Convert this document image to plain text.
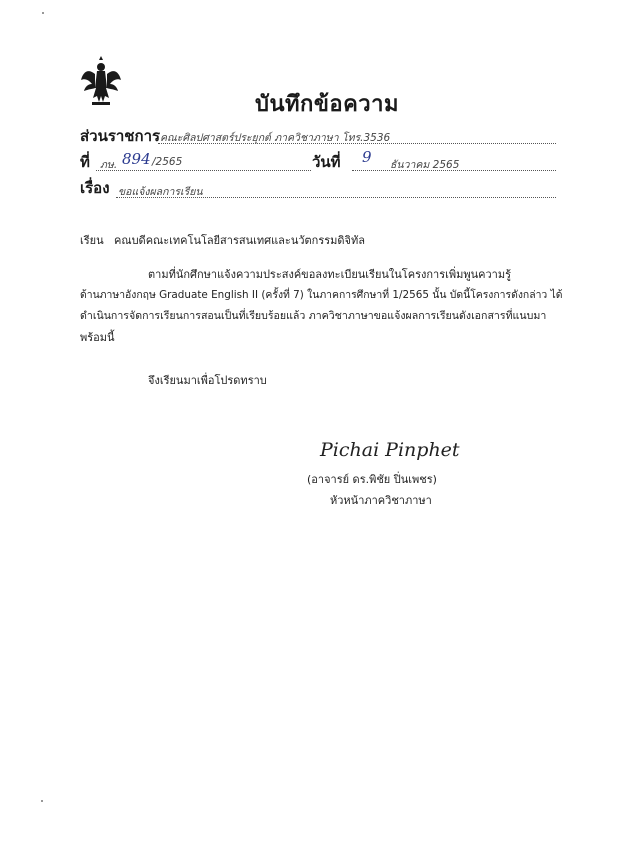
บันทึกข้อความ
ส่วนราชการ คณะศิลปศาสตร์ประยุกต์ ภาควิชาภาษา โทร.3536
ที่ ภษ. 894 /2565	วันที่ 9 ธันวาคม 2565
เรื่อง ขอแจ้งผลการเรียน
เรียน คณบดีคณะเทคโนโลยีสารสนเทศและนวัตกรรมดิจิทัล
ตามที่นักศึกษาแจ้งความประสงค์ขอลงทะเบียนเรียนในโครงการเพิ่มพูนความรู้
ด้านภาษาอังกฤษ Graduate English II (ครั้งที่ 7) ในภาคการศึกษาที่ 1/2565 นั้น บัดนี้โครงการดังกล่าว ได้
ดำเนินการจัดการเรียนการสอนเป็นที่เรียบร้อยแล้ว ภาควิชาภาษาขอแจ้งผลการเรียนดังเอกสารที่แนบมา
พร้อมนี้
จึงเรียนมาเพื่อโปรดทราบ
Pichai Pinphet
(อาจารย์ ดร.พิชัย ปิ่นเพชร)
หัวหน้าภาควิชาภาษา
